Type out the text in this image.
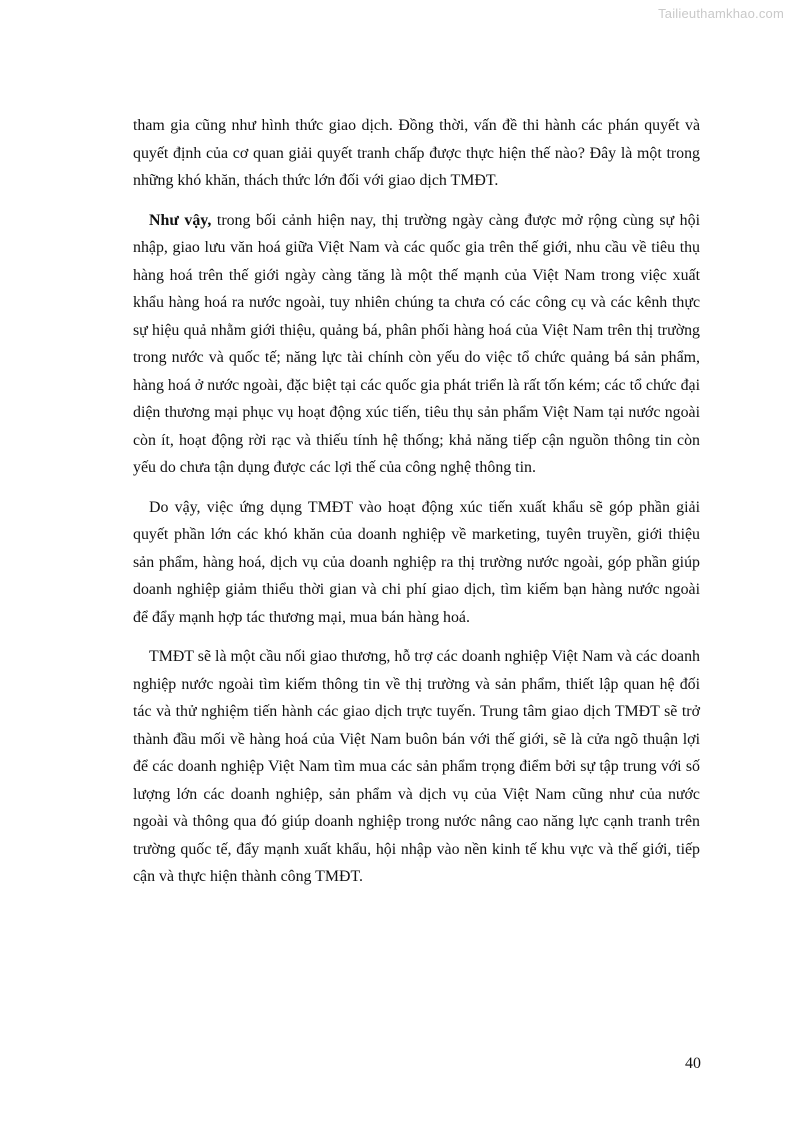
Tailieuthamkhao.com

tham gia cũng như hình thức giao dịch. Đồng thời, vấn đề thi hành các phán quyết và quyết định của cơ quan giải quyết tranh chấp được thực hiện thế nào? Đây là một trong những khó khăn, thách thức lớn đối với giao dịch TMĐT.

Như vậy, trong bối cảnh hiện nay, thị trường ngày càng được mở rộng cùng sự hội nhập, giao lưu văn hoá giữa Việt Nam và các quốc gia trên thế giới, nhu cầu về tiêu thụ hàng hoá trên thế giới ngày càng tăng là một thế mạnh của Việt Nam trong việc xuất khẩu hàng hoá ra nước ngoài, tuy nhiên chúng ta chưa có các công cụ và các kênh thực sự hiệu quả nhằm giới thiệu, quảng bá, phân phối hàng hoá của Việt Nam trên thị trường trong nước và quốc tế; năng lực tài chính còn yếu do việc tổ chức quảng bá sản phẩm, hàng hoá ở nước ngoài, đặc biệt tại các quốc gia phát triển là rất tốn kém; các tổ chức đại diện thương mại phục vụ hoạt động xúc tiến, tiêu thụ sản phẩm Việt Nam tại nước ngoài còn ít, hoạt động rời rạc và thiếu tính hệ thống; khả năng tiếp cận nguồn thông tin còn yếu do chưa tận dụng được các lợi thế của công nghệ thông tin.

Do vậy, việc ứng dụng TMĐT vào hoạt động xúc tiến xuất khẩu sẽ góp phần giải quyết phần lớn các khó khăn của doanh nghiệp về marketing, tuyên truyền, giới thiệu sản phẩm, hàng hoá, dịch vụ của doanh nghiệp ra thị trường nước ngoài, góp phần giúp doanh nghiệp giảm thiểu thời gian và chi phí giao dịch, tìm kiếm bạn hàng nước ngoài để đẩy mạnh hợp tác thương mại, mua bán hàng hoá.

TMĐT sẽ là một cầu nối giao thương, hỗ trợ các doanh nghiệp Việt Nam và các doanh nghiệp nước ngoài tìm kiếm thông tin về thị trường và sản phẩm, thiết lập quan hệ đối tác và thử nghiệm tiến hành các giao dịch trực tuyến. Trung tâm giao dịch TMĐT sẽ trở thành đầu mối về hàng hoá của Việt Nam buôn bán với thế giới, sẽ là cửa ngõ thuận lợi để các doanh nghiệp Việt Nam tìm mua các sản phẩm trọng điểm bởi sự tập trung với số lượng lớn các doanh nghiệp, sản phẩm và dịch vụ của Việt Nam cũng như của nước ngoài và thông qua đó giúp doanh nghiệp trong nước nâng cao năng lực cạnh tranh trên trường quốc tế, đẩy mạnh xuất khẩu, hội nhập vào nền kinh tế khu vực và thế giới, tiếp cận và thực hiện thành công TMĐT.

40
